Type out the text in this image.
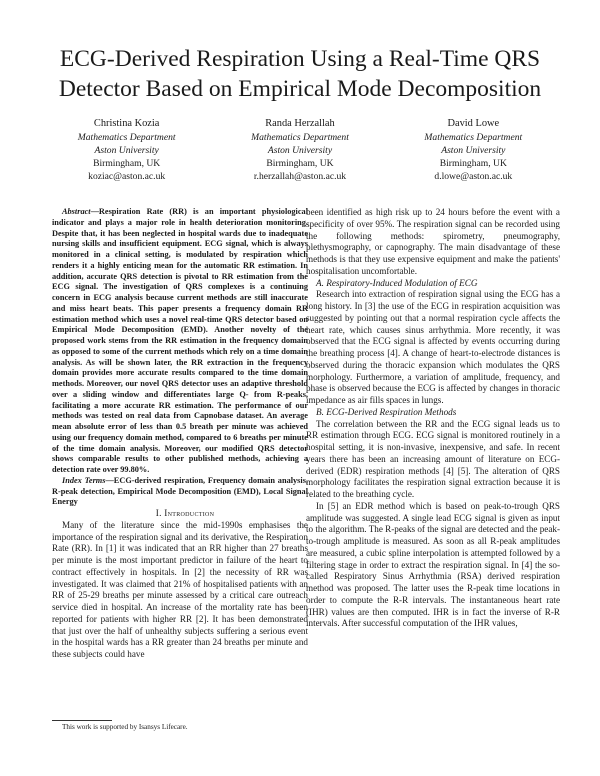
ECG-Derived Respiration Using a Real-Time QRS Detector Based on Empirical Mode Decomposition
Christina Kozia
Mathematics Department
Aston University
Birmingham, UK
koziac@aston.ac.uk
Randa Herzallah
Mathematics Department
Aston University
Birmingham, UK
r.herzallah@aston.ac.uk
David Lowe
Mathematics Department
Aston University
Birmingham, UK
d.lowe@aston.ac.uk

Abstract—Respiration Rate (RR) is an important physiological indicator and plays a major role in health deterioration monitoring. Despite that, it has been neglected in hospital wards due to inadequate nursing skills and insufficient equipment. ECG signal, which is always monitored in a clinical setting, is modulated by respiration which renders it a highly enticing mean for the automatic RR estimation. In addition, accurate QRS detection is pivotal to RR estimation from the ECG signal. The investigation of QRS complexes is a continuing concern in ECG analysis because current methods are still inaccurate and miss heart beats. This paper presents a frequency domain RR estimation method which uses a novel real-time QRS detector based on Empirical Mode Decomposition (EMD). Another novelty of the proposed work stems from the RR estimation in the frequency domain as opposed to some of the current methods which rely on a time domain analysis. As will be shown later, the RR extraction in the frequency domain provides more accurate results compared to the time domain methods. Moreover, our novel QRS detector uses an adaptive threshold over a sliding window and differentiates large Q- from R-peaks, facilitating a more accurate RR estimation. The performance of our methods was tested on real data from Capnobase dataset. An average mean absolute error of less than 0.5 breath per minute was achieved using our frequency domain method, compared to 6 breaths per minute of the time domain analysis. Moreover, our modified QRS detector shows comparable results to other published methods, achieving a detection rate over 99.80%.

Index Terms—ECG-derived respiration, Frequency domain analysis, R-peak detection, Empirical Mode Decomposition (EMD), Local Signal Energy

I. Introduction

Many of the literature since the mid-1990s emphasises the importance of the respiration signal and its derivative, the Respiration Rate (RR). In [1] it was indicated that an RR higher than 27 breaths per minute is the most important predictor in failure of the heart to contract effectively in hospitals. In [2] the necessity of RR was investigated. It was claimed that 21% of hospitalised patients with an RR of 25-29 breaths per minute assessed by a critical care outreach service died in hospital. An increase of the mortality rate has been reported for patients with higher RR [2]. It has been demonstrated that just over the half of unhealthy subjects suffering a serious event in the hospital wards has a RR greater than 24 breaths per minute and these subjects could have

This work is supported by Isansys Lifecare.

been identified as high risk up to 24 hours before the event with a specificity of over 95%. The respiration signal can be recorded using the following methods: spirometry, pneumography, plethysmography, or capnography. The main disadvantage of these methods is that they use expensive equipment and make the patients' hospitalisation uncomfortable.

A. Respiratory-Induced Modulation of ECG

Research into extraction of respiration signal using the ECG has a long history. In [3] the use of the ECG in respiration acquisition was suggested by pointing out that a normal respiration cycle affects the heart rate, which causes sinus arrhythmia. More recently, it was observed that the ECG signal is affected by events occurring during the breathing process [4]. A change of heart-to-electrode distances is observed during the thoracic expansion which modulates the QRS morphology. Furthermore, a variation of amplitude, frequency, and phase is observed because the ECG is affected by changes in thoracic impedance as air fills spaces in lungs.

B. ECG-Derived Respiration Methods

The correlation between the RR and the ECG signal leads us to RR estimation through ECG. ECG signal is monitored routinely in a hospital setting, it is non-invasive, inexpensive, and safe. In recent years there has been an increasing amount of literature on ECG-derived (EDR) respiration methods [4] [5]. The alteration of QRS morphology facilitates the respiration signal extraction because it is related to the breathing cycle.

In [5] an EDR method which is based on peak-to-trough QRS amplitude was suggested. A single lead ECG signal is given as input to the algorithm. The R-peaks of the signal are detected and the peak-to-trough amplitude is measured. As soon as all R-peak amplitudes are measured, a cubic spline interpolation is attempted followed by a filtering stage in order to extract the respiration signal. In [4] the so-called Respiratory Sinus Arrhythmia (RSA) derived respiration method was proposed. The latter uses the R-peak time locations in order to compute the R-R intervals. The instantaneous heart rate (IHR) values are then computed. IHR is in fact the inverse of R-R intervals. After successful computation of the IHR values,
